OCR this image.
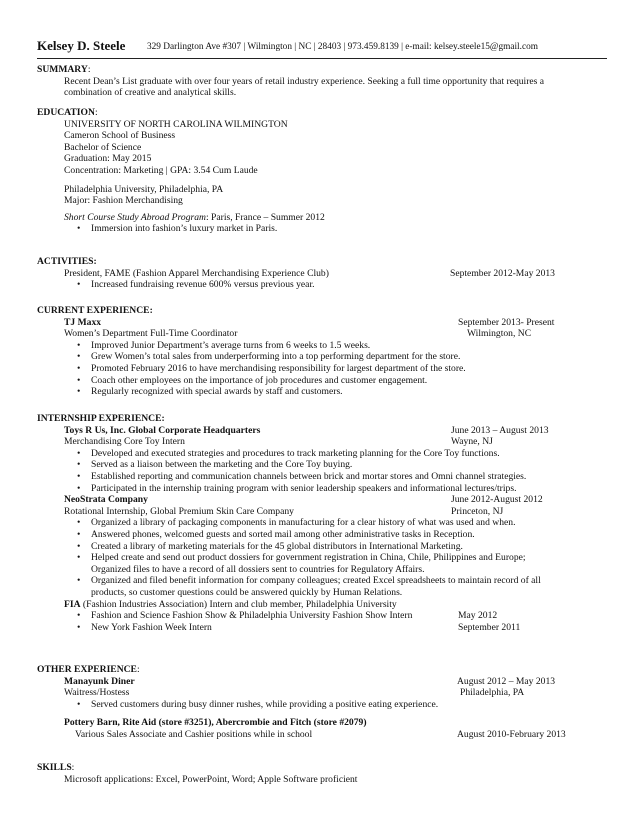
Kelsey D. Steele 329 Darlington Ave #307 | Wilmington | NC | 28403 | 973.459.8139 | e-mail: kelsey.steele15@gmail.com
SUMMARY:
Recent Dean’s List graduate with over four years of retail industry experience. Seeking a full time opportunity that requires a
combination of creative and analytical skills.
EDUCATION:
UNIVERSITY OF NORTH CAROLINA WILMINGTON
Cameron School of Business
Bachelor of Science
Graduation: May 2015
Concentration: Marketing | GPA: 3.54 Cum Laude
Philadelphia University, Philadelphia, PA
Major: Fashion Merchandising
Short Course Study Abroad Program: Paris, France – Summer 2012
• Immersion into fashion’s luxury market in Paris.
ACTIVITIES:
President, FAME (Fashion Apparel Merchandising Experience Club)	September 2012-May 2013
• Increased fundraising revenue 600% versus previous year.
CURRENT EXPERIENCE:
TJ Maxx	September 2013- Present
Women’s Department Full-Time Coordinator	Wilmington, NC
• Improved Junior Department’s average turns from 6 weeks to 1.5 weeks.
• Grew Women’s total sales from underperforming into a top performing department for the store.
• Promoted February 2016 to have merchandising responsibility for largest department of the store.
• Coach other employees on the importance of job procedures and customer engagement.
• Regularly recognized with special awards by staff and customers.
INTERNSHIP EXPERIENCE:
Toys R Us, Inc. Global Corporate Headquarters	June 2013 – August 2013
Merchandising Core Toy Intern	Wayne, NJ
• Developed and executed strategies and procedures to track marketing planning for the Core Toy functions.
• Served as a liaison between the marketing and the Core Toy buying.
• Established reporting and communication channels between brick and mortar stores and Omni channel strategies.
• Participated in the internship training program with senior leadership speakers and informational lectures/trips.
NeoStrata Company	June 2012-August 2012
Rotational Internship, Global Premium Skin Care Company	Princeton, NJ
• Organized a library of packaging components in manufacturing for a clear history of what was used and when.
• Answered phones, welcomed guests and sorted mail among other administrative tasks in Reception.
• Created a library of marketing materials for the 45 global distributors in International Marketing.
• Helped create and send out product dossiers for government registration in China, Chile, Philippines and Europe;
Organized files to have a record of all dossiers sent to countries for Regulatory Affairs.
• Organized and filed benefit information for company colleagues; created Excel spreadsheets to maintain record of all
products, so customer questions could be answered quickly by Human Relations.
FIA (Fashion Industries Association) Intern and club member, Philadelphia University
• Fashion and Science Fashion Show & Philadelphia University Fashion Show Intern	May 2012
• New York Fashion Week Intern	September 2011
OTHER EXPERIENCE:
Manayunk Diner	August 2012 – May 2013
Waitress/Hostess	Philadelphia, PA
• Served customers during busy dinner rushes, while providing a positive eating experience.
Pottery Barn, Rite Aid (store #3251), Abercrombie and Fitch (store #2079)
Various Sales Associate and Cashier positions while in school	August 2010-February 2013
SKILLS:
Microsoft applications: Excel, PowerPoint, Word; Apple Software proficient
